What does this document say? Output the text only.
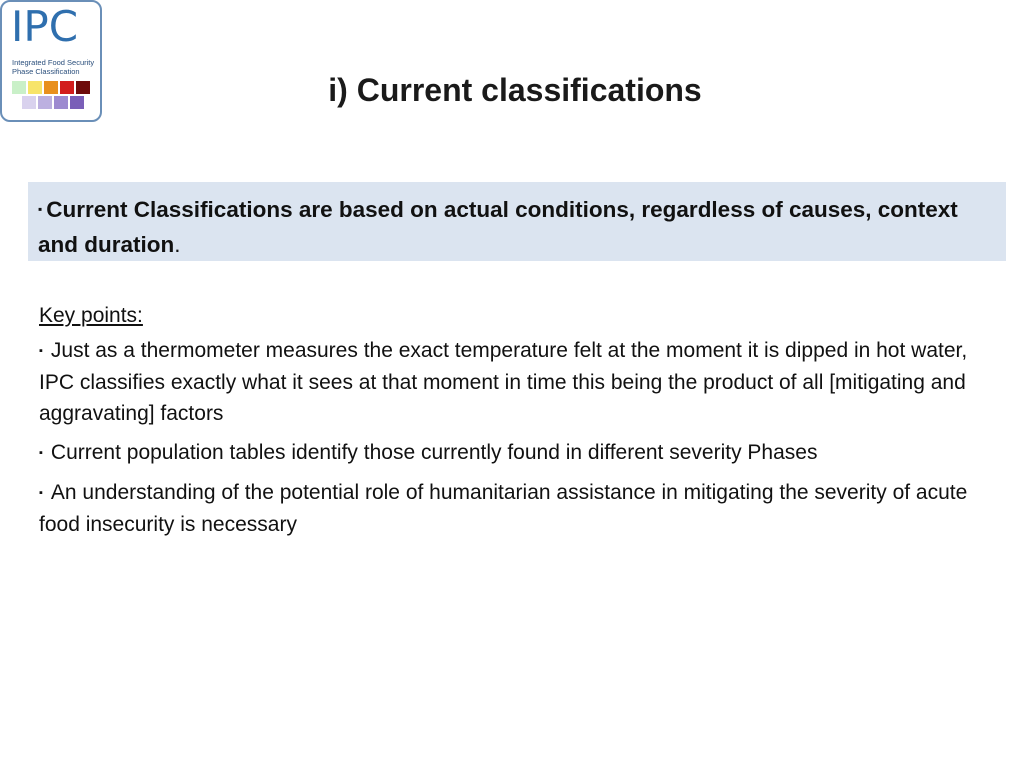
IPC
Integrated Food Security
Phase Classification
i) Current classifications
▪ Current Classifications are based on actual conditions, regardless of causes, context and duration.
Key points:
▪ Just as a thermometer measures the exact temperature felt at the moment it is dipped in hot water, IPC classifies exactly what it sees at that moment in time this being the product of all [mitigating and aggravating] factors
▪ Current population tables identify those currently found in different severity Phases
▪ An understanding of the potential role of humanitarian assistance in mitigating the severity of acute food insecurity is necessary
